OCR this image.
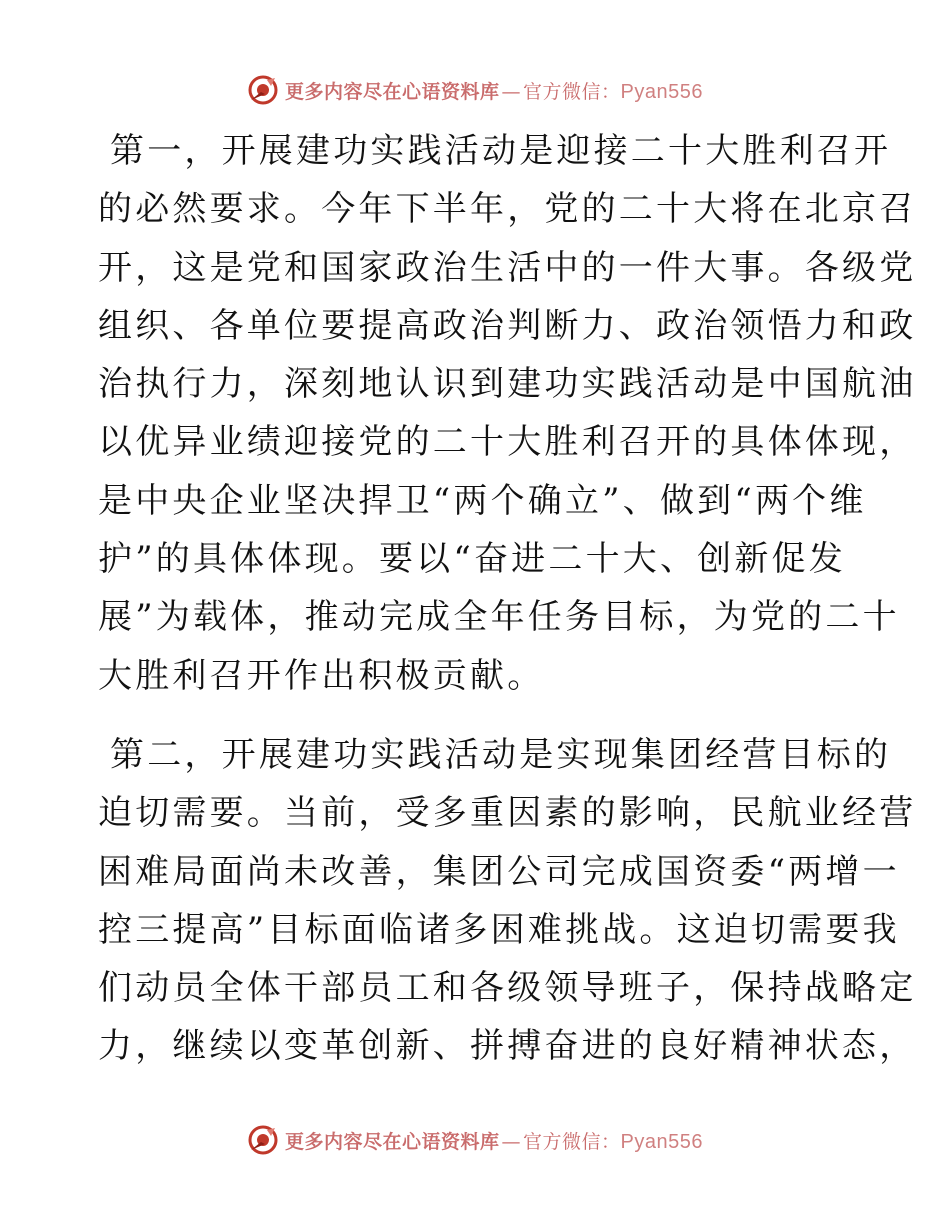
更多内容尽在心语资料库 — 官方微信： Pyan556

第一，开展建功实践活动是迎接二十大胜利召开
的必然要求。今年下半年，党的二十大将在北京召
开，这是党和国家政治生活中的一件大事。各级党
组织、各单位要提高政治判断力、政治领悟力和政
治执行力，深刻地认识到建功实践活动是中国航油
以优异业绩迎接党的二十大胜利召开的具体体现，
是中央企业坚决捍卫“两个确立”、做到“两个维
护”的具体体现。要以“奋进二十大、创新促发
展”为载体，推动完成全年任务目标，为党的二十
大胜利召开作出积极贡献。

第二，开展建功实践活动是实现集团经营目标的
迫切需要。当前，受多重因素的影响，民航业经营
困难局面尚未改善，集团公司完成国资委“两增一
控三提高”目标面临诸多困难挑战。这迫切需要我
们动员全体干部员工和各级领导班子，保持战略定
力，继续以变革创新、拼搏奋进的良好精神状态，

更多内容尽在心语资料库 — 官方微信： Pyan556
